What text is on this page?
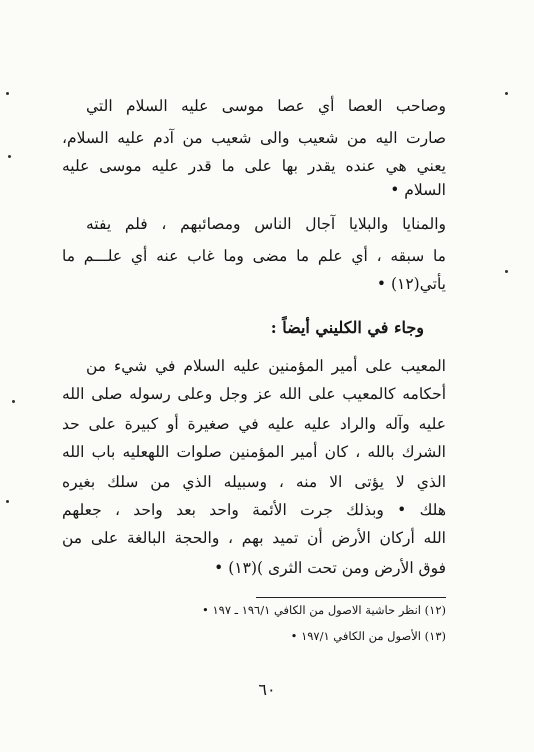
وصاحب العصا أي عصا موسى عليه السلام التي
صارت اليه من شعيب والى شعيب من آدم عليه السلام،
يعني هي عنده يقدر بها على ما قدر عليه موسى عليه
السلام •
والمنايا والبلايا آجال الناس ومصائبهم ، فلم يفته
ما سبقه ، أي علم ما مضى وما غاب عنه أي علـــم ما
يأتي(١٢) •
وجاء في الكليني أيضاً :
المعيب على أمير المؤمنين عليه السلام في شيء من
أحكامه كالمعيب على الله عز وجل وعلى رسوله صلى الله
عليه وآله والراد عليه عليه في صغيرة أو كبيرة على حد
الشرك بالله ، كان أمير المؤمنين صلوات اللهعليه باب الله
الذي لا يؤتى الا منه ، وسبيله الذي من سلك بغيره
هلك • وبذلك جرت الأئمة واحد بعد واحد ، جعلهم
الله أركان الأرض أن تميد بهم ، والحجة البالغة على من
فوق الأرض ومن تحت الثرى )(١٣) •
(١٢) انظر حاشية الاصول من الكافي ١٩٦/١ ـ ١٩٧ •
(١٣) الأصول من الكافي ١٩٧/١ •
٦٠
